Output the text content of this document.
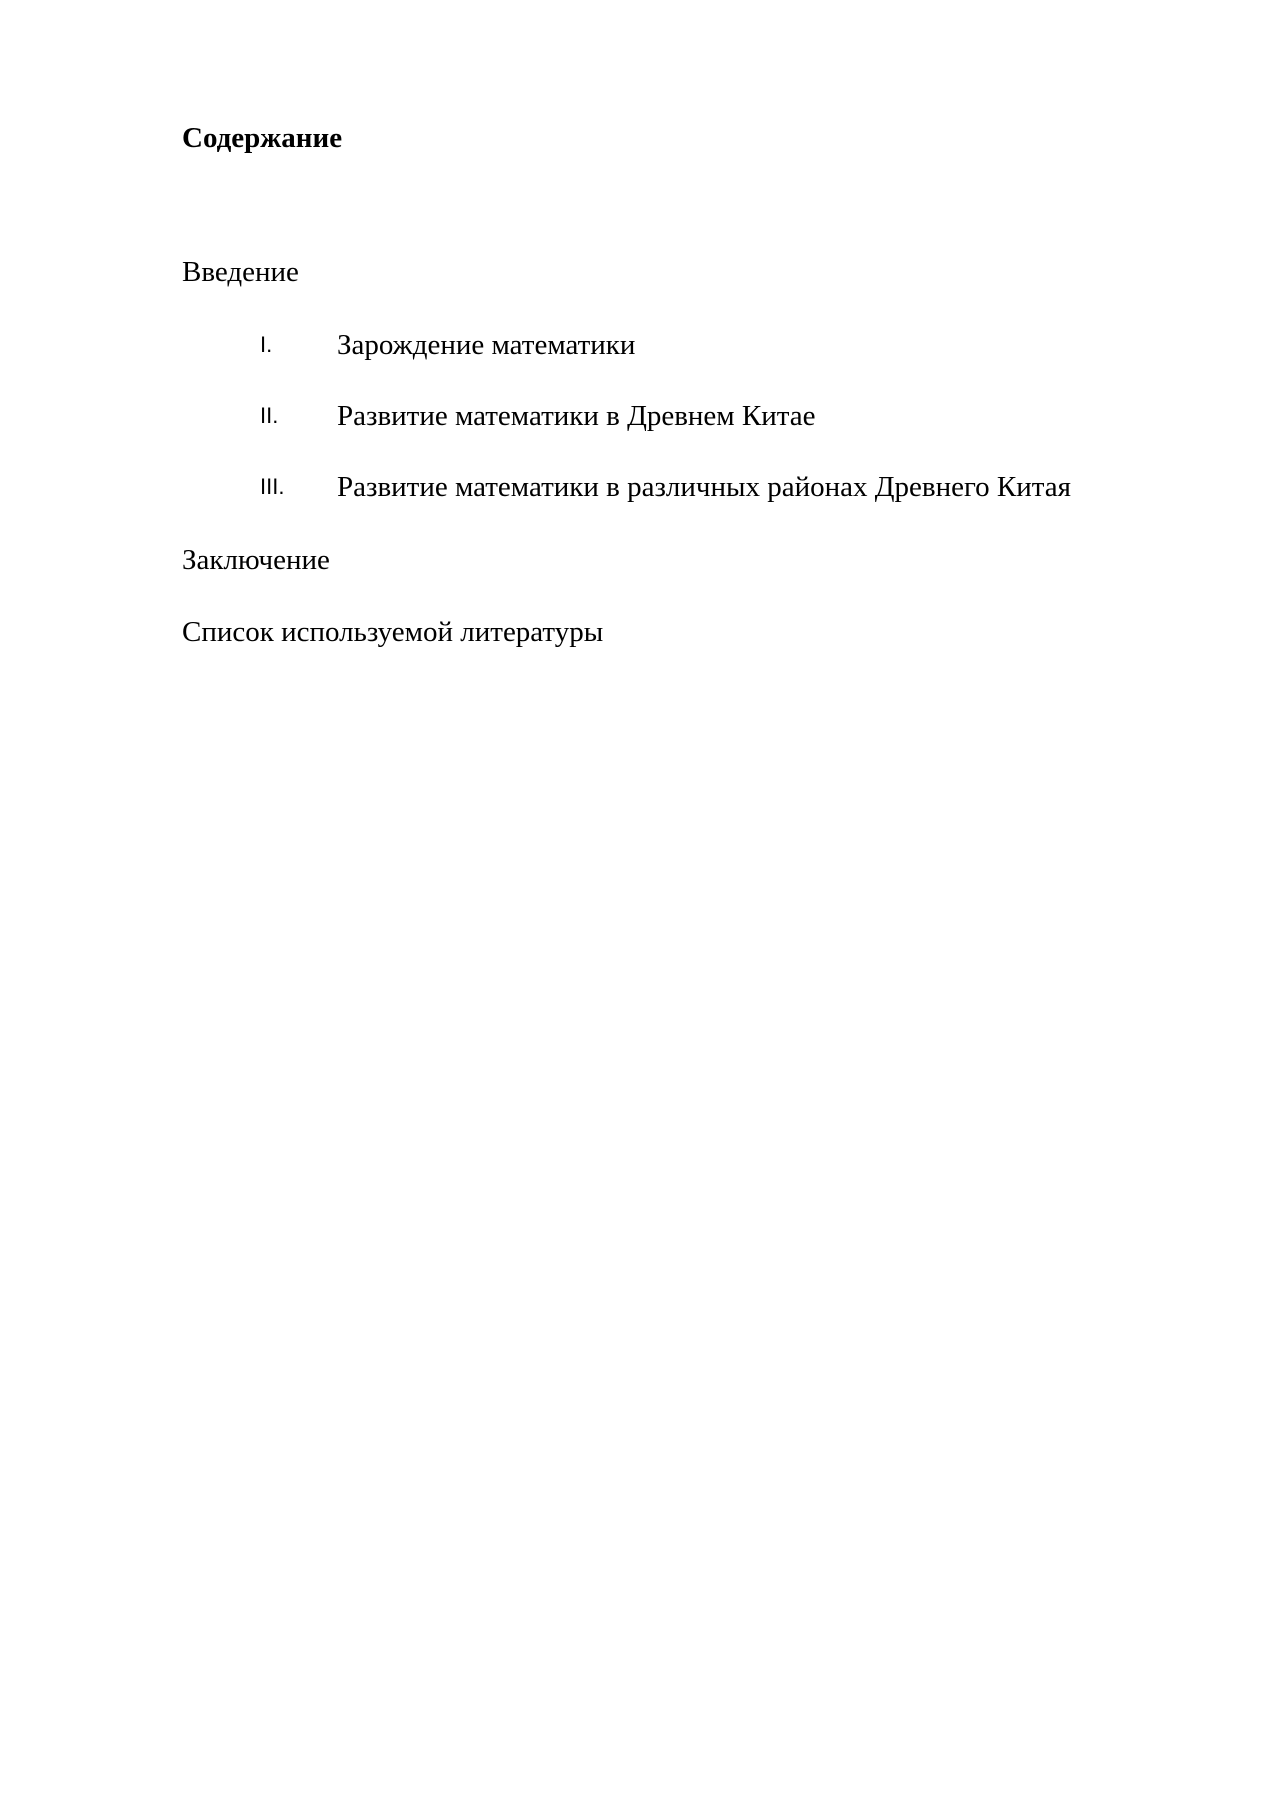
Содержание
Введение
I. Зарождение математики
II. Развитие математики в Древнем Китае
III. Развитие математики в различных районах Древнего Китая
Заключение
Список используемой литературы
